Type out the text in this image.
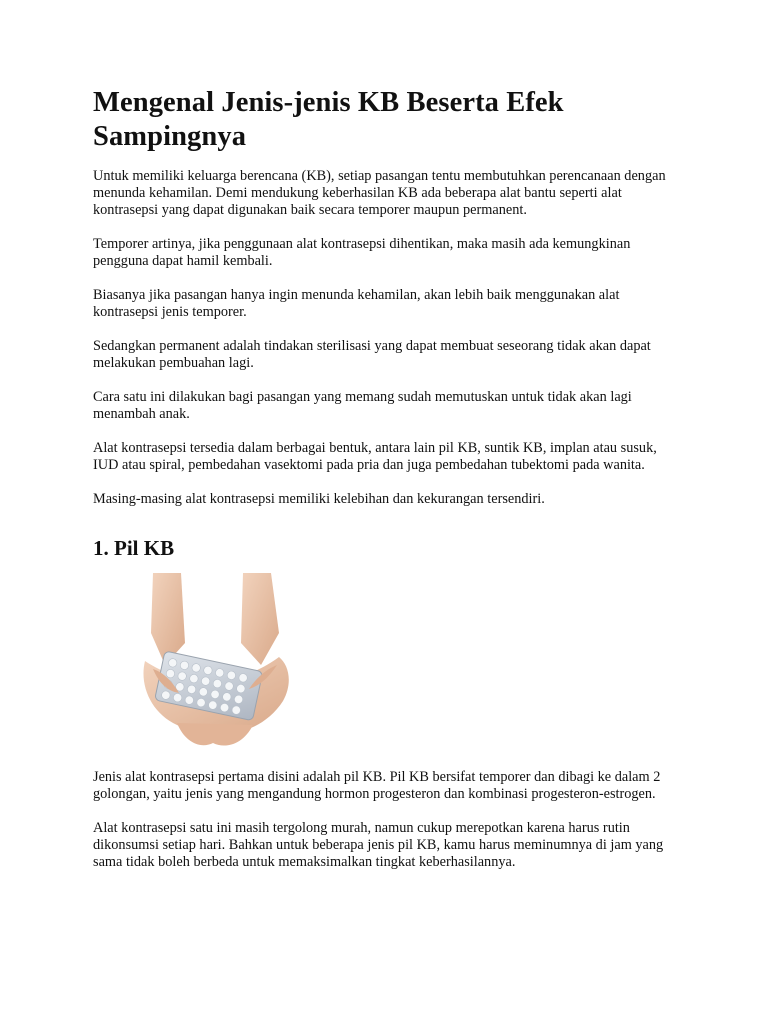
Mengenal Jenis-jenis KB Beserta Efek Sampingnya

Untuk memiliki keluarga berencana (KB), setiap pasangan tentu membutuhkan perencanaan dengan menunda kehamilan. Demi mendukung keberhasilan KB ada beberapa alat bantu seperti alat kontrasepsi yang dapat digunakan baik secara temporer maupun permanent.

Temporer artinya, jika penggunaan alat kontrasepsi dihentikan, maka masih ada kemungkinan pengguna dapat hamil kembali.

Biasanya jika pasangan hanya ingin menunda kehamilan, akan lebih baik menggunakan alat kontrasepsi jenis temporer.

Sedangkan permanent adalah tindakan sterilisasi yang dapat membuat seseorang tidak akan dapat melakukan pembuahan lagi.

Cara satu ini dilakukan bagi pasangan yang memang sudah memutuskan untuk tidak akan lagi menambah anak.

Alat kontrasepsi tersedia dalam berbagai bentuk, antara lain pil KB, suntik KB, implan atau susuk, IUD atau spiral, pembedahan vasektomi pada pria dan juga pembedahan tubektomi pada wanita.

Masing-masing alat kontrasepsi memiliki kelebihan dan kekurangan tersendiri.

1. Pil KB

Jenis alat kontrasepsi pertama disini adalah pil KB. Pil KB bersifat temporer dan dibagi ke dalam 2 golongan, yaitu jenis yang mengandung hormon progesteron dan kombinasi progesteron-estrogen.

Alat kontrasepsi satu ini masih tergolong murah, namun cukup merepotkan karena harus rutin dikonsumsi setiap hari. Bahkan untuk beberapa jenis pil KB, kamu harus meminumnya di jam yang sama tidak boleh berbeda untuk memaksimalkan tingkat keberhasilannya.
